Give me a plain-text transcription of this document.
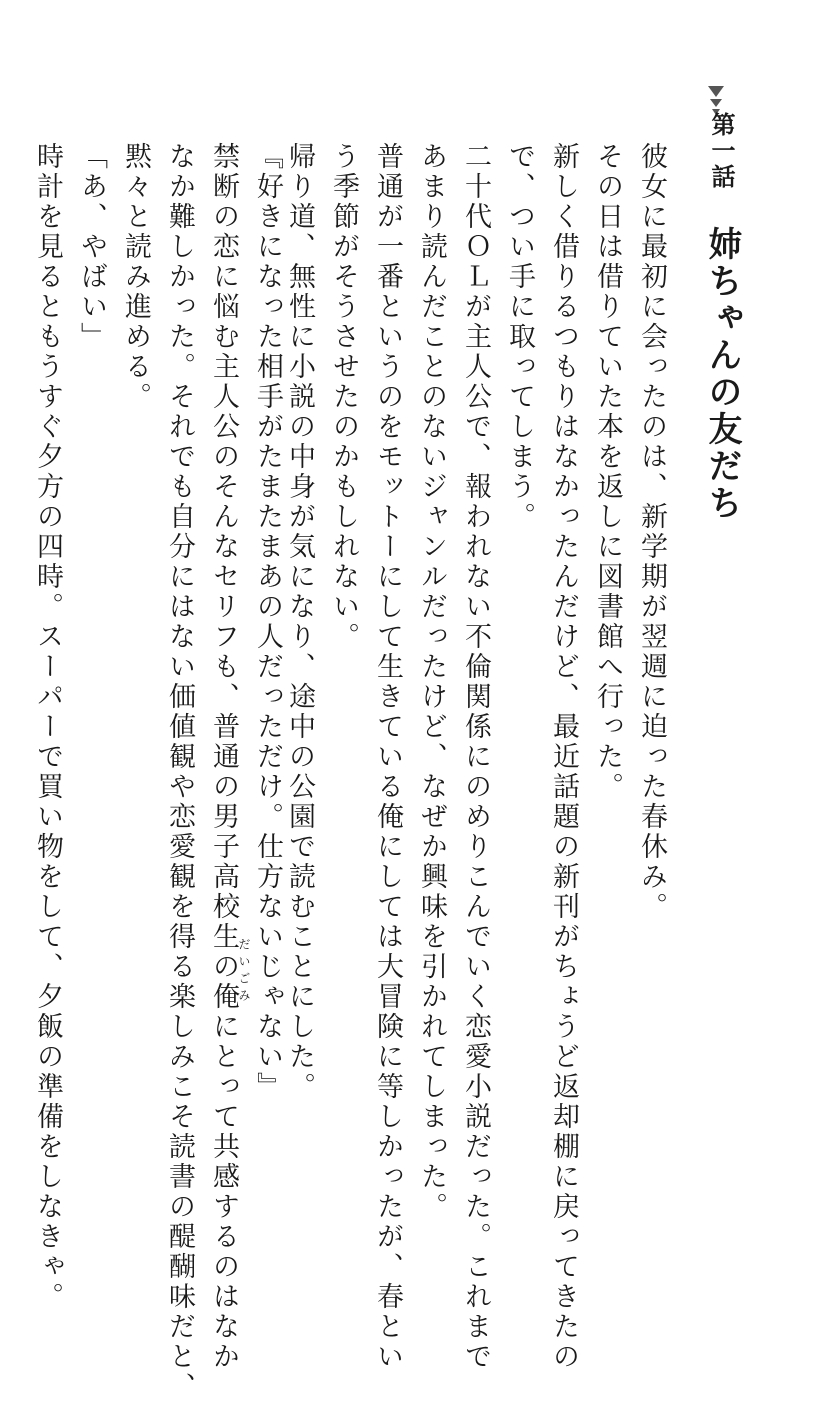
第一話
姉ちゃんの友だち
彼女に最初に会ったのは、新学期が翌週に迫った春休み。
その日は借りていた本を返しに図書館へ行った。
新しく借りるつもりはなかったんだけど、最近話題の新刊がちょうど返却棚に戻ってきたの
で、つい手に取ってしまう。
二十代ＯＬが主人公で、報われない不倫関係にのめりこんでいく恋愛小説だった。これまで
あまり読んだことのないジャンルだったけど、なぜか興味を引かれてしまった。
普通が一番というのをモットーにして生きている俺にしては大冒険に等しかったが、春とい
う季節がそうさせたのかもしれない。
帰り道、無性に小説の中身が気になり、途中の公園で読むことにした。
『好きになった相手がたまたまあの人だっただけ。仕方ないじゃない』
だいごみ
禁断の恋に悩む主人公のそんなセリフも、普通の男子高校生の俺にとって共感するのはなか
なか難しかった。それでも自分にはない価値観や恋愛観を得る楽しみこそ読書の醍醐味だと、
黙々と読み進める。
「あ、やばい」
時計を見るともうすぐ夕方の四時。スーパーで買い物をして、夕飯の準備をしなきゃ。
